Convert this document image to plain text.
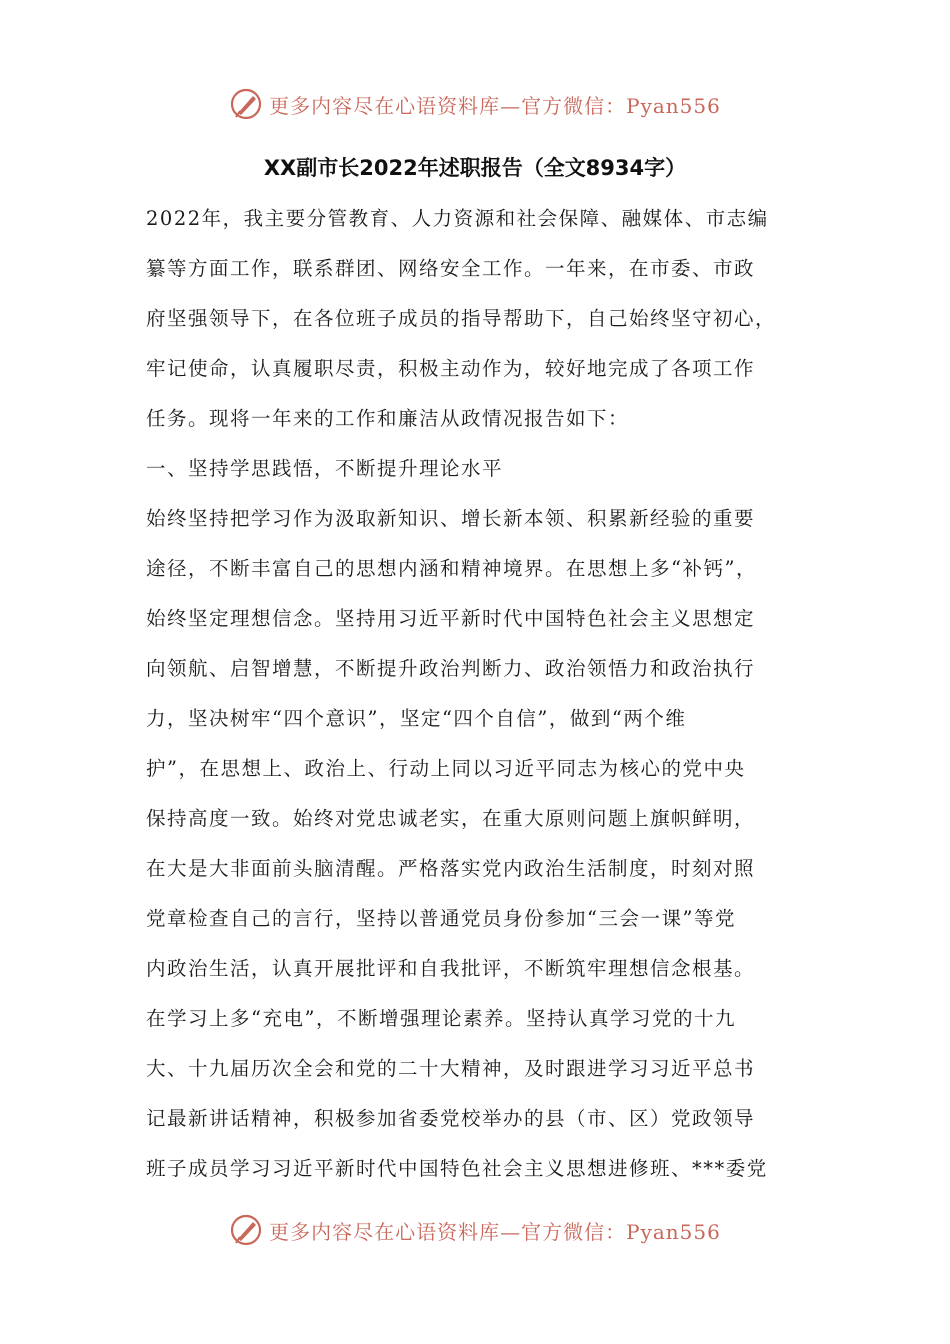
更多内容尽在心语资料库—官方微信：Pyan556
XX副市长2022年述职报告（全文8934字）
2022年，我主要分管教育、人力资源和社会保障、融媒体、市志编
纂等方面工作，联系群团、网络安全工作。一年来，在市委、市政
府坚强领导下，在各位班子成员的指导帮助下，自己始终坚守初心，
牢记使命，认真履职尽责，积极主动作为，较好地完成了各项工作
任务。现将一年来的工作和廉洁从政情况报告如下：
一、坚持学思践悟，不断提升理论水平
始终坚持把学习作为汲取新知识、增长新本领、积累新经验的重要
途径，不断丰富自己的思想内涵和精神境界。在思想上多“补钙”，
始终坚定理想信念。坚持用习近平新时代中国特色社会主义思想定
向领航、启智增慧，不断提升政治判断力、政治领悟力和政治执行
力，坚决树牢“四个意识”，坚定“四个自信”，做到“两个维
护”，在思想上、政治上、行动上同以习近平同志为核心的党中央
保持高度一致。始终对党忠诚老实，在重大原则问题上旗帜鲜明，
在大是大非面前头脑清醒。严格落实党内政治生活制度，时刻对照
党章检查自己的言行，坚持以普通党员身份参加“三会一课”等党
内政治生活，认真开展批评和自我批评，不断筑牢理想信念根基。
在学习上多“充电”，不断增强理论素养。坚持认真学习党的十九
大、十九届历次全会和党的二十大精神，及时跟进学习习近平总书
记最新讲话精神，积极参加省委党校举办的县（市、区）党政领导
班子成员学习习近平新时代中国特色社会主义思想进修班、***委党
更多内容尽在心语资料库—官方微信：Pyan556
